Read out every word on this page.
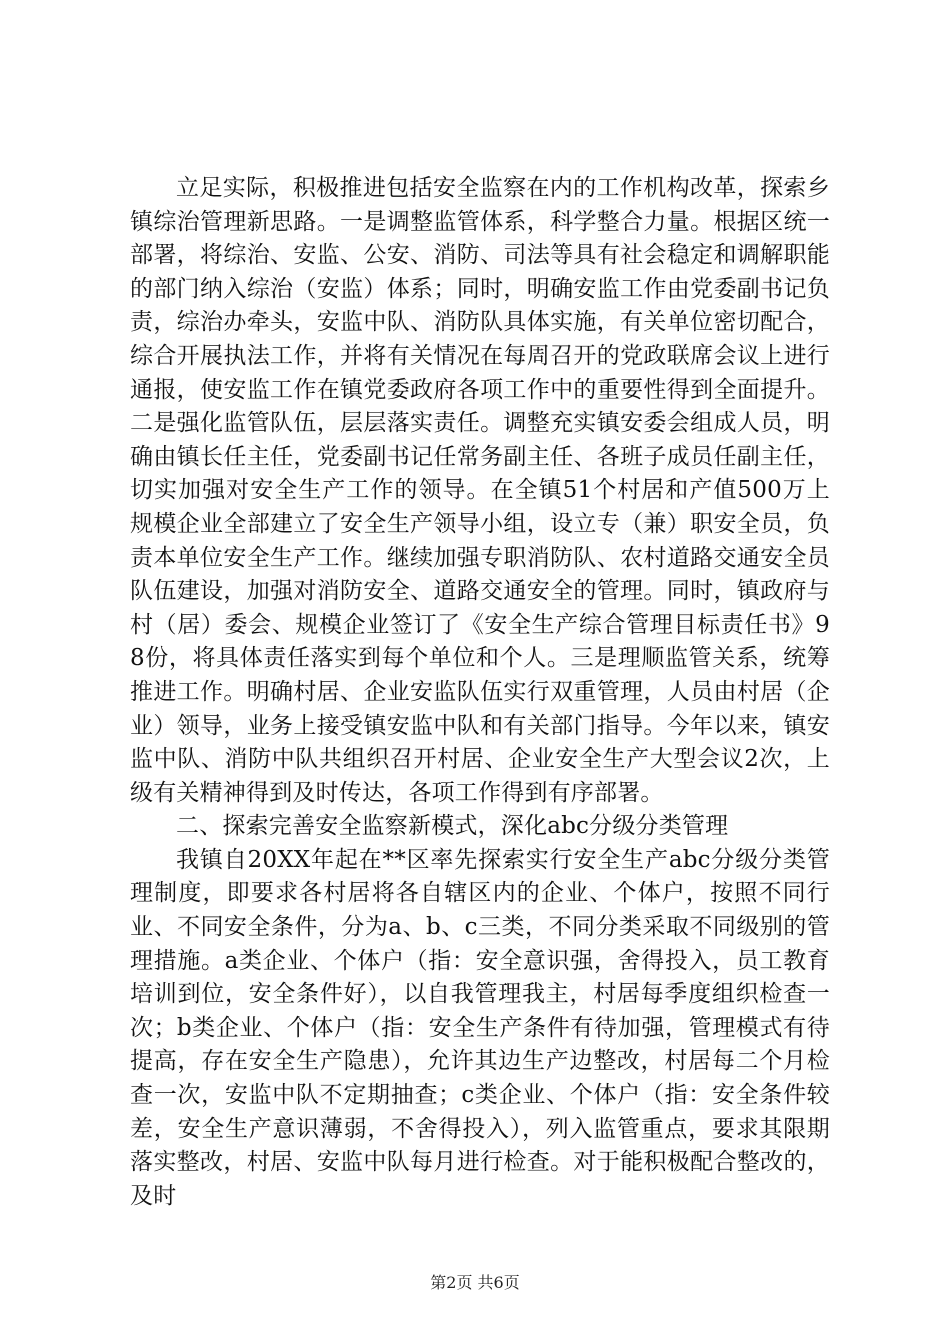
立足实际，积极推进包括安全监察在内的工作机构改革，探索乡镇综治管理新思路。一是调整监管体系，科学整合力量。根据区统一部署，将综治、安监、公安、消防、司法等具有社会稳定和调解职能的部门纳入综治（安监）体系；同时，明确安监工作由党委副书记负责，综治办牵头，安监中队、消防队具体实施，有关单位密切配合，综合开展执法工作，并将有关情况在每周召开的党政联席会议上进行通报，使安监工作在镇党委政府各项工作中的重要性得到全面提升。二是强化监管队伍，层层落实责任。调整充实镇安委会组成人员，明确由镇长任主任，党委副书记任常务副主任、各班子成员任副主任，切实加强对安全生产工作的领导。在全镇51个村居和产值500万上规模企业全部建立了安全生产领导小组，设立专（兼）职安全员，负责本单位安全生产工作。继续加强专职消防队、农村道路交通安全员队伍建设，加强对消防安全、道路交通安全的管理。同时，镇政府与村（居）委会、规模企业签订了《安全生产综合管理目标责任书》98份，将具体责任落实到每个单位和个人。三是理顺监管关系，统筹推进工作。明确村居、企业安监队伍实行双重管理，人员由村居（企业）领导，业务上接受镇安监中队和有关部门指导。今年以来，镇安监中队、消防中队共组织召开村居、企业安全生产大型会议2次，上级有关精神得到及时传达，各项工作得到有序部署。

二、探索完善安全监察新模式，深化abc分级分类管理

我镇自20XX年起在**区率先探索实行安全生产abc分级分类管理制度，即要求各村居将各自辖区内的企业、个体户，按照不同行业、不同安全条件，分为a、b、c三类，不同分类采取不同级别的管理措施。a类企业、个体户（指：安全意识强，舍得投入，员工教育培训到位，安全条件好），以自我管理我主，村居每季度组织检查一次；b类企业、个体户（指：安全生产条件有待加强，管理模式有待提高，存在安全生产隐患），允许其边生产边整改，村居每二个月检查一次，安监中队不定期抽查；c类企业、个体户（指：安全条件较差，安全生产意识薄弱，不舍得投入），列入监管重点，要求其限期落实整改，村居、安监中队每月进行检查。对于能积极配合整改的，及时

第2页 共6页
